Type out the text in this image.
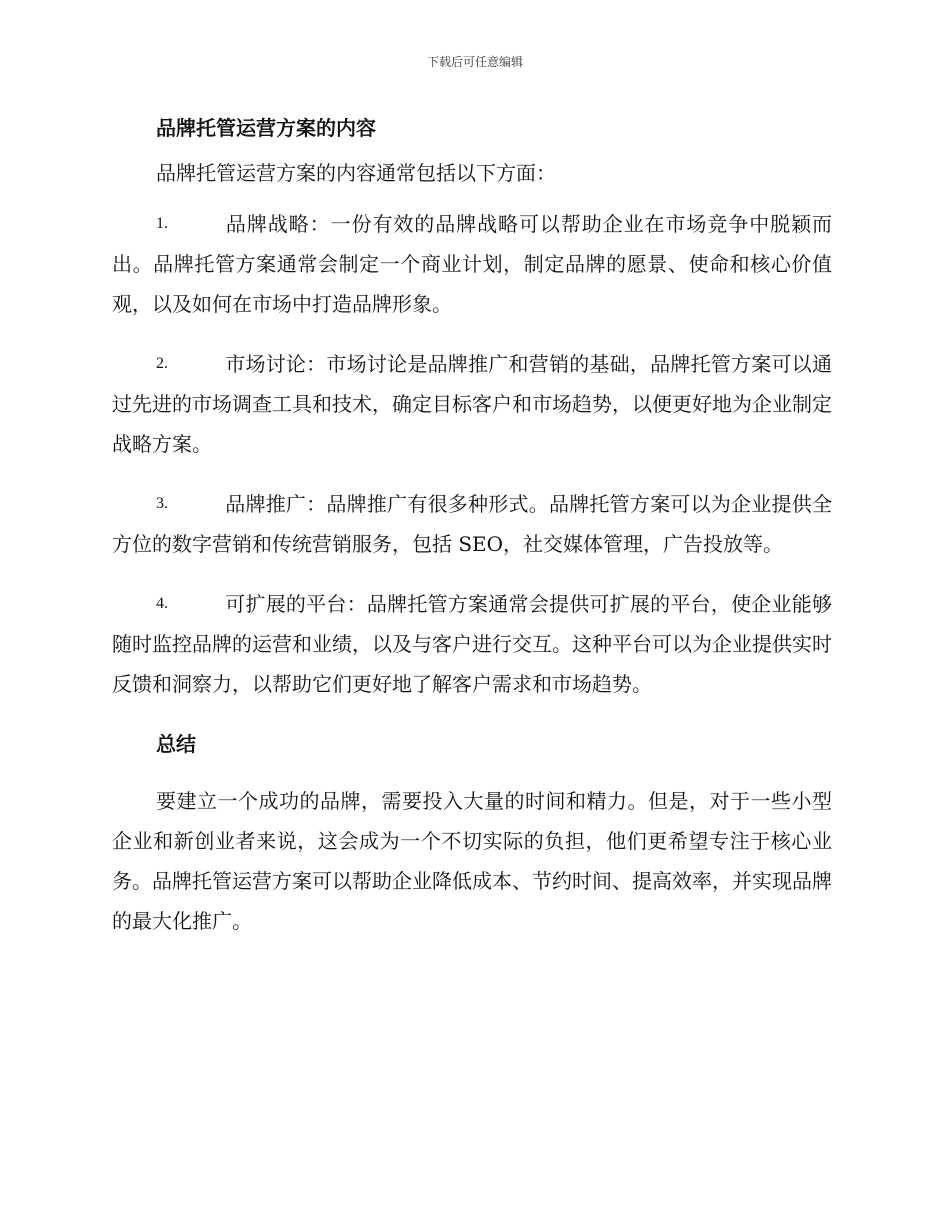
下载后可任意编辑
品牌托管运营方案的内容

品牌托管运营方案的内容通常包括以下方面：

1.	品牌战略：一份有效的品牌战略可以帮助企业在市场竞争中脱颖而出。品牌托管方案通常会制定一个商业计划，制定品牌的愿景、使命和核心价值观，以及如何在市场中打造品牌形象。
2.	市场讨论：市场讨论是品牌推广和营销的基础，品牌托管方案可以通过先进的市场调查工具和技术，确定目标客户和市场趋势，以便更好地为企业制定战略方案。
3.	品牌推广：品牌推广有很多种形式。品牌托管方案可以为企业提供全方位的数字营销和传统营销服务，包括 SEO，社交媒体管理，广告投放等。
4.	可扩展的平台：品牌托管方案通常会提供可扩展的平台，使企业能够随时监控品牌的运营和业绩，以及与客户进行交互。这种平台可以为企业提供实时反馈和洞察力，以帮助它们更好地了解客户需求和市场趋势。
总结

要建立一个成功的品牌，需要投入大量的时间和精力。但是，对于一些小型企业和新创业者来说，这会成为一个不切实际的负担，他们更希望专注于核心业务。品牌托管运营方案可以帮助企业降低成本、节约时间、提高效率，并实现品牌的最大化推广。
